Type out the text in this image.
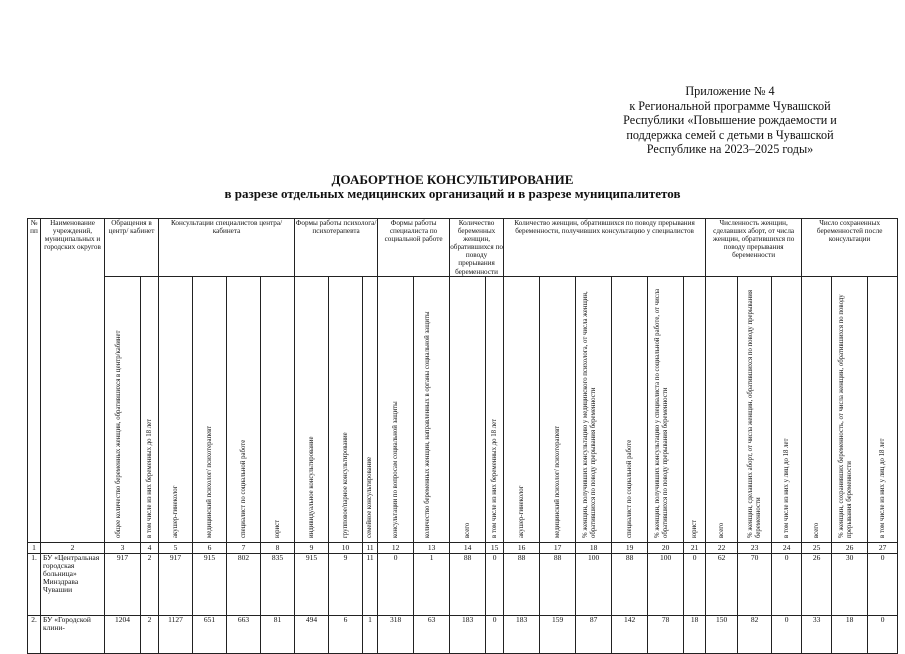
Приложение № 4
к Региональной программе Чувашской
Республики «Повышение рождаемости и
поддержка семей с детьми в Чувашской
Республике на 2023–2025 годы»
ДОАБОРТНОЕ КОНСУЛЬТИРОВАНИЕ
в разрезе отдельных медицинских организаций и в разрезе муниципалитетов
№ пп	Наименование учреждений, муниципальных и городских округов	Обращения в центр/ кабинет		Консультации специалистов центра/кабинета				Формы работы психолога/ психотерапевта			Формы работы специалиста по социальной работе		Количество беременных женщин, обратившихся по поводу прерывания беременности		Количество женщин, обратившихся по поводу прерывания беременности, получивших консультацию у специалистов						Численность женщин, сделавших аборт, от числа женщин, обратившихся по поводу прерывания беременности			Число сохраненных беременностей после консультации		

		общее количество беременных женщин, обратившихся в центр/кабинет	в том числе из них беременных до 18 лет	акушер-гинеколог	медицинский психолог/ психотерапевт	специалист по социальной работе	юрист	индивидуальное консультирование	групповое/парное консультирование	семейное консультирование	консультации по вопросам социальной защиты	количество беременных женщин, направленных в органы социальной защиты	всего	в том числе из них беременных до 18 лет	акушер-гинеколог	медицинский психолог/ психотерапевт	% женщин, получивших консультацию у медицинского психолога, от числа женщин, обратившихся по поводу прерывания беременности	специалист по социальной работе	% женщин, получивших консультацию у специалиста по социальной работе, от числа обратившихся по поводу прерывания беременности	юрист	всего	% женщин, сделавших аборт, от числа женщин, обратившихся по поводу прерывания беременности	в том числе из них у лиц до 18 лет	всего	% женщин, сохранивших беременность, от числа женщин, обратившихся по поводу прерывания беременности	в том числе из них у лиц до 18 лет

1	2	3	4	5	6	7	8	9	10	11	12	13	14	15	16	17	18	19	20	21	22	23	24	25	26	27
1.	БУ «Центральная городская больница» Минздрава Чувашии	917	2	917	915	802	835	915	9	11	0	1	88	0	88	88	100	88	100	0	62	70	0	26	30	0
2.	БУ «Городской клини-	1204	2	1127	651	663	81	494	6	1	318	63	183	0	183	159	87	142	78	18	150	82	0	33	18	0
